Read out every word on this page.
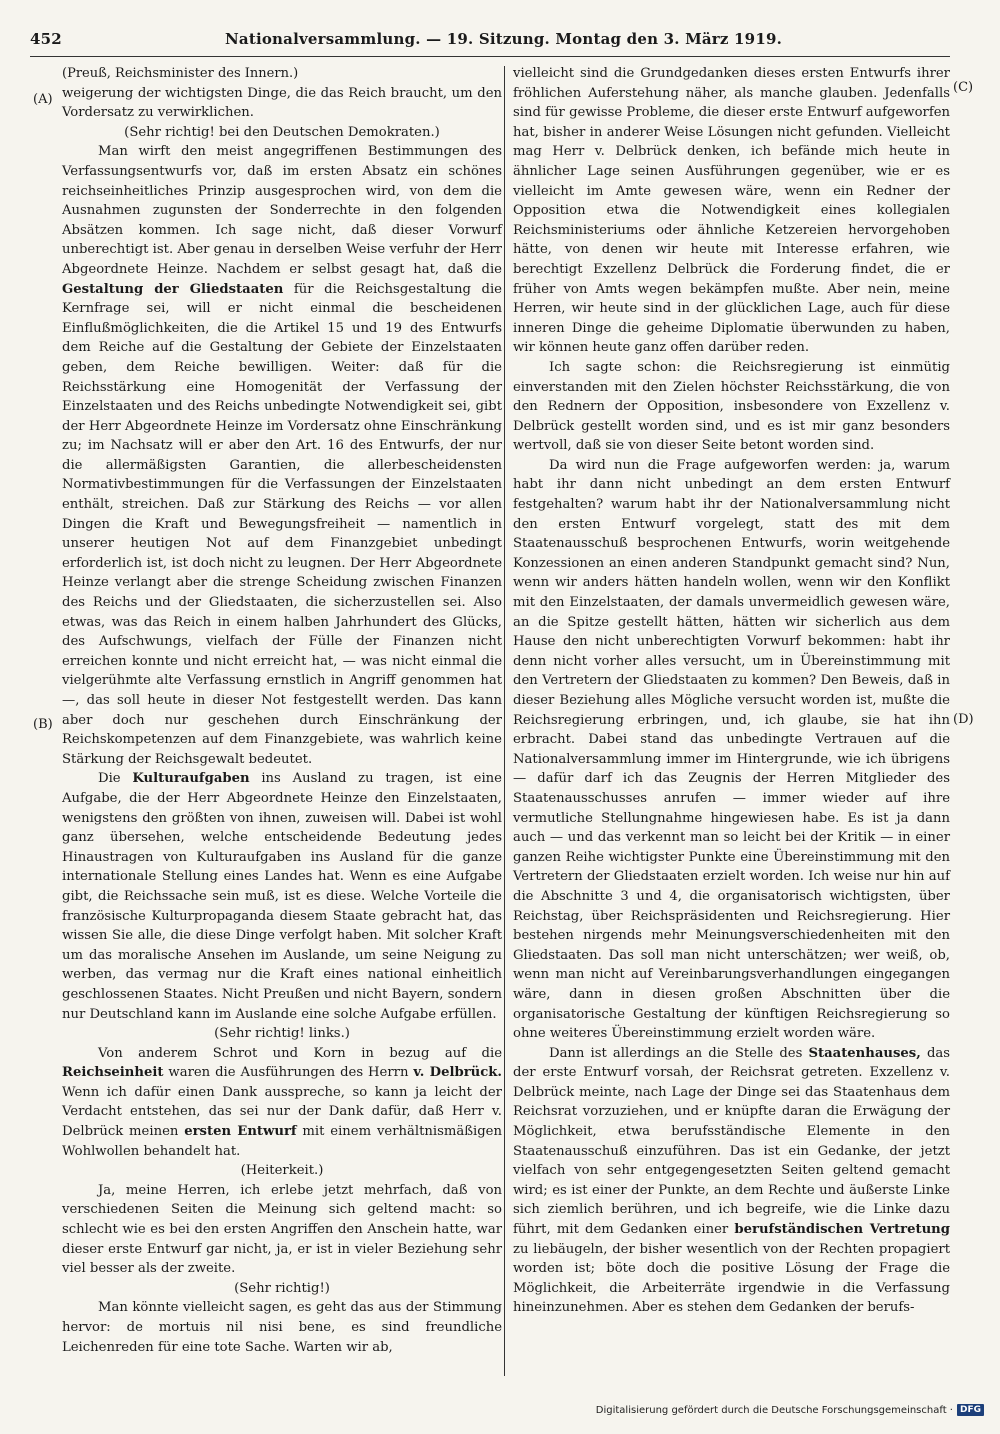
452	Nationalversammlung. — 19. Sitzung. Montag den 3. März 1919.
(A)
(B)
(C)
(D)

(Preuß, Reichsminister des Innern.)

weigerung der wichtigsten Dinge, die das Reich braucht, um den Vordersatz zu verwirklichen.

(Sehr richtig! bei den Deutschen Demokraten.)

Man wirft den meist angegriffenen Bestimmungen des Verfassungsentwurfs vor, daß im ersten Absatz ein schönes reichseinheitliches Prinzip ausgesprochen wird, von dem die Ausnahmen zugunsten der Sonderrechte in den folgenden Absätzen kommen. Ich sage nicht, daß dieser Vorwurf unberechtigt ist. Aber genau in derselben Weise verfuhr der Herr Abgeordnete Heinze. Nachdem er selbst gesagt hat, daß die Gestaltung der Gliedstaaten für die Reichsgestaltung die Kernfrage sei, will er nicht einmal die bescheidenen Einflußmöglichkeiten, die die Artikel 15 und 19 des Entwurfs dem Reiche auf die Gestaltung der Gebiete der Einzelstaaten geben, dem Reiche bewilligen. Weiter: daß für die Reichsstärkung eine Homogenität der Verfassung der Einzelstaaten und des Reichs unbedingte Notwendigkeit sei, gibt der Herr Abgeordnete Heinze im Vordersatz ohne Einschränkung zu; im Nachsatz will er aber den Art. 16 des Entwurfs, der nur die allermäßigsten Garantien, die allerbescheidensten Normativbestimmungen für die Verfassungen der Einzelstaaten enthält, streichen. Daß zur Stärkung des Reichs — vor allen Dingen die Kraft und Bewegungsfreiheit — namentlich in unserer heutigen Not auf dem Finanzgebiet unbedingt erforderlich ist, ist doch nicht zu leugnen. Der Herr Abgeordnete Heinze verlangt aber die strenge Scheidung zwischen Finanzen des Reichs und der Gliedstaaten, die sicherzustellen sei. Also etwas, was das Reich in einem halben Jahrhundert des Glücks, des Aufschwungs, vielfach der Fülle der Finanzen nicht erreichen konnte und nicht erreicht hat, — was nicht einmal die vielgerühmte alte Verfassung ernstlich in Angriff genommen hat —, das soll heute in dieser Not festgestellt werden. Das kann aber doch nur geschehen durch Einschränkung der Reichskompetenzen auf dem Finanzgebiete, was wahrlich keine Stärkung der Reichsgewalt bedeutet.

Die Kulturaufgaben ins Ausland zu tragen, ist eine Aufgabe, die der Herr Abgeordnete Heinze den Einzelstaaten, wenigstens den größten von ihnen, zuweisen will. Dabei ist wohl ganz übersehen, welche entscheidende Bedeutung jedes Hinaustragen von Kulturaufgaben ins Ausland für die ganze internationale Stellung eines Landes hat. Wenn es eine Aufgabe gibt, die Reichssache sein muß, ist es diese. Welche Vorteile die französische Kulturpropaganda diesem Staate gebracht hat, das wissen Sie alle, die diese Dinge verfolgt haben. Mit solcher Kraft um das moralische Ansehen im Auslande, um seine Neigung zu werben, das vermag nur die Kraft eines national einheitlich geschlossenen Staates. Nicht Preußen und nicht Bayern, sondern nur Deutschland kann im Auslande eine solche Aufgabe erfüllen.

(Sehr richtig! links.)

Von anderem Schrot und Korn in bezug auf die Reichseinheit waren die Ausführungen des Herrn v. Delbrück. Wenn ich dafür einen Dank ausspreche, so kann ja leicht der Verdacht entstehen, das sei nur der Dank dafür, daß Herr v. Delbrück meinen ersten Entwurf mit einem verhältnismäßigen Wohlwollen behandelt hat.

(Heiterkeit.)

Ja, meine Herren, ich erlebe jetzt mehrfach, daß von verschiedenen Seiten die Meinung sich geltend macht: so schlecht wie es bei den ersten Angriffen den Anschein hatte, war dieser erste Entwurf gar nicht, ja, er ist in vieler Beziehung sehr viel besser als der zweite.

(Sehr richtig!)

Man könnte vielleicht sagen, es geht das aus der Stimmung hervor: de mortuis nil nisi bene, es sind freundliche Leichenreden für eine tote Sache. Warten wir ab,

vielleicht sind die Grundgedanken dieses ersten Entwurfs ihrer fröhlichen Auferstehung näher, als manche glauben. Jedenfalls sind für gewisse Probleme, die dieser erste Entwurf aufgeworfen hat, bisher in anderer Weise Lösungen nicht gefunden. Vielleicht mag Herr v. Delbrück denken, ich befände mich heute in ähnlicher Lage seinen Ausführungen gegenüber, wie er es vielleicht im Amte gewesen wäre, wenn ein Redner der Opposition etwa die Notwendigkeit eines kollegialen Reichsministeriums oder ähnliche Ketzereien hervorgehoben hätte, von denen wir heute mit Interesse erfahren, wie berechtigt Exzellenz Delbrück die Forderung findet, die er früher von Amts wegen bekämpfen mußte. Aber nein, meine Herren, wir heute sind in der glücklichen Lage, auch für diese inneren Dinge die geheime Diplomatie überwunden zu haben, wir können heute ganz offen darüber reden.

Ich sagte schon: die Reichsregierung ist einmütig einverstanden mit den Zielen höchster Reichsstärkung, die von den Rednern der Opposition, insbesondere von Exzellenz v. Delbrück gestellt worden sind, und es ist mir ganz besonders wertvoll, daß sie von dieser Seite betont worden sind.

Da wird nun die Frage aufgeworfen werden: ja, warum habt ihr dann nicht unbedingt an dem ersten Entwurf festgehalten? warum habt ihr der Nationalversammlung nicht den ersten Entwurf vorgelegt, statt des mit dem Staatenausschuß besprochenen Entwurfs, worin weitgehende Konzessionen an einen anderen Standpunkt gemacht sind? Nun, wenn wir anders hätten handeln wollen, wenn wir den Konflikt mit den Einzelstaaten, der damals unvermeidlich gewesen wäre, an die Spitze gestellt hätten, hätten wir sicherlich aus dem Hause den nicht unberechtigten Vorwurf bekommen: habt ihr denn nicht vorher alles versucht, um in Übereinstimmung mit den Vertretern der Gliedstaaten zu kommen? Den Beweis, daß in dieser Beziehung alles Mögliche versucht worden ist, mußte die Reichsregierung erbringen, und, ich glaube, sie hat ihn erbracht. Dabei stand das unbedingte Vertrauen auf die Nationalversammlung immer im Hintergrunde, wie ich übrigens — dafür darf ich das Zeugnis der Herren Mitglieder des Staatenausschusses anrufen — immer wieder auf ihre vermutliche Stellungnahme hingewiesen habe. Es ist ja dann auch — und das verkennt man so leicht bei der Kritik — in einer ganzen Reihe wichtigster Punkte eine Übereinstimmung mit den Vertretern der Gliedstaaten erzielt worden. Ich weise nur hin auf die Abschnitte 3 und 4, die organisatorisch wichtigsten, über Reichstag, über Reichspräsidenten und Reichsregierung. Hier bestehen nirgends mehr Meinungsverschiedenheiten mit den Gliedstaaten. Das soll man nicht unterschätzen; wer weiß, ob, wenn man nicht auf Vereinbarungsverhandlungen eingegangen wäre, dann in diesen großen Abschnitten über die organisatorische Gestaltung der künftigen Reichsregierung so ohne weiteres Übereinstimmung erzielt worden wäre.

Dann ist allerdings an die Stelle des Staatenhauses, das der erste Entwurf vorsah, der Reichsrat getreten. Exzellenz v. Delbrück meinte, nach Lage der Dinge sei das Staatenhaus dem Reichsrat vorzuziehen, und er knüpfte daran die Erwägung der Möglichkeit, etwa berufsständische Elemente in den Staatenausschuß einzuführen. Das ist ein Gedanke, der jetzt vielfach von sehr entgegengesetzten Seiten geltend gemacht wird; es ist einer der Punkte, an dem Rechte und äußerste Linke sich ziemlich berühren, und ich begreife, wie die Linke dazu führt, mit dem Gedanken einer berufständischen Vertretung zu liebäugeln, der bisher wesentlich von der Rechten propagiert worden ist; böte doch die positive Lösung der Frage die Möglichkeit, die Arbeiterräte irgendwie in die Verfassung hineinzunehmen. Aber es stehen dem Gedanken der berufs-

Digitalisierung gefördert durch die Deutsche Forschungsgemeinschaft · DFG
